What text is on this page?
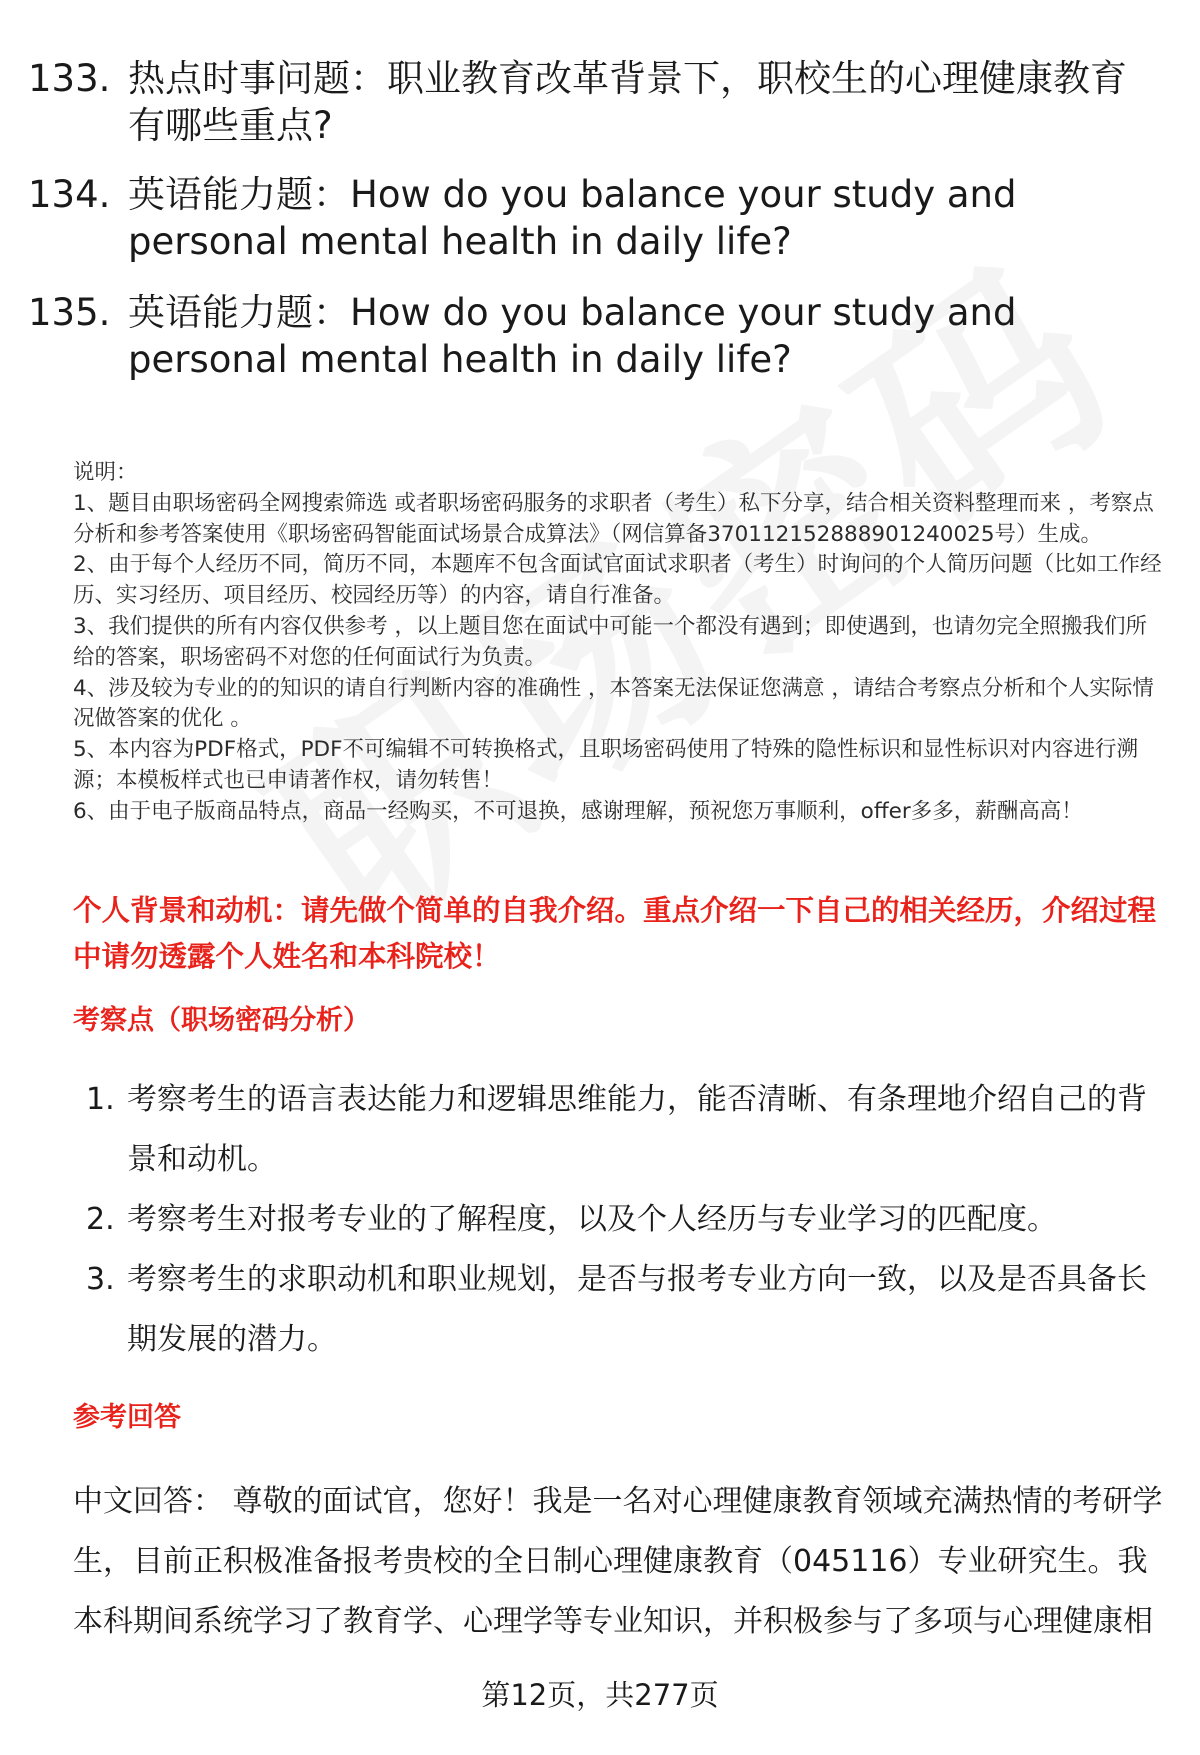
133. 热点时事问题：职业教育改革背景下，职校生的心理健康教育有哪些重点?
134. 英语能力题：How do you balance your study and personal mental health in daily life?
135. 英语能力题：How do you balance your study and personal mental health in daily life?

说明：

1、题目由职场密码全网搜索筛选 或者职场密码服务的求职者（考生）私下分享，结合相关资料整理而来 ，考察点分析和参考答案使用《职场密码智能面试场景合成算法》（网信算备370112152888901240025号）生成。

2、由于每个人经历不同，简历不同，本题库不包含面试官面试求职者（考生）时询问的个人简历问题（比如工作经历、实习经历、项目经历、校园经历等）的内容，请自行准备。

3、我们提供的所有内容仅供参考 ，以上题目您在面试中可能一个都没有遇到；即使遇到，也请勿完全照搬我们所给的答案，职场密码不对您的任何面试行为负责。

4、涉及较为专业的的知识的请自行判断内容的准确性 ，本答案无法保证您满意 ，请结合考察点分析和个人实际情况做答案的优化 。

5、本内容为PDF格式，PDF不可编辑不可转换格式，且职场密码使用了特殊的隐性标识和显性标识对内容进行溯源；本模板样式也已申请著作权，请勿转售！

6、由于电子版商品特点，商品一经购买，不可退换，感谢理解，预祝您万事顺利，offer多多，薪酬高高！

个人背景和动机：请先做个简单的自我介绍。重点介绍一下自己的相关经历，介绍过程中请勿透露个人姓名和本科院校！
考察点（职场密码分析）
1. 考察考生的语言表达能力和逻辑思维能力，能否清晰、有条理地介绍自己的背景和动机。
2. 考察考生对报考专业的了解程度，以及个人经历与专业学习的匹配度。
3. 考察考生的求职动机和职业规划，是否与报考专业方向一致，以及是否具备长期发展的潜力。
参考回答

中文回答： 尊敬的面试官，您好！我是一名对心理健康教育领域充满热情的考研学生，目前正积极准备报考贵校的全日制心理健康教育（045116）专业研究生。我本科期间系统学习了教育学、心理学等专业知识，并积极参与了多项与心理健康相

第12页，共277页
